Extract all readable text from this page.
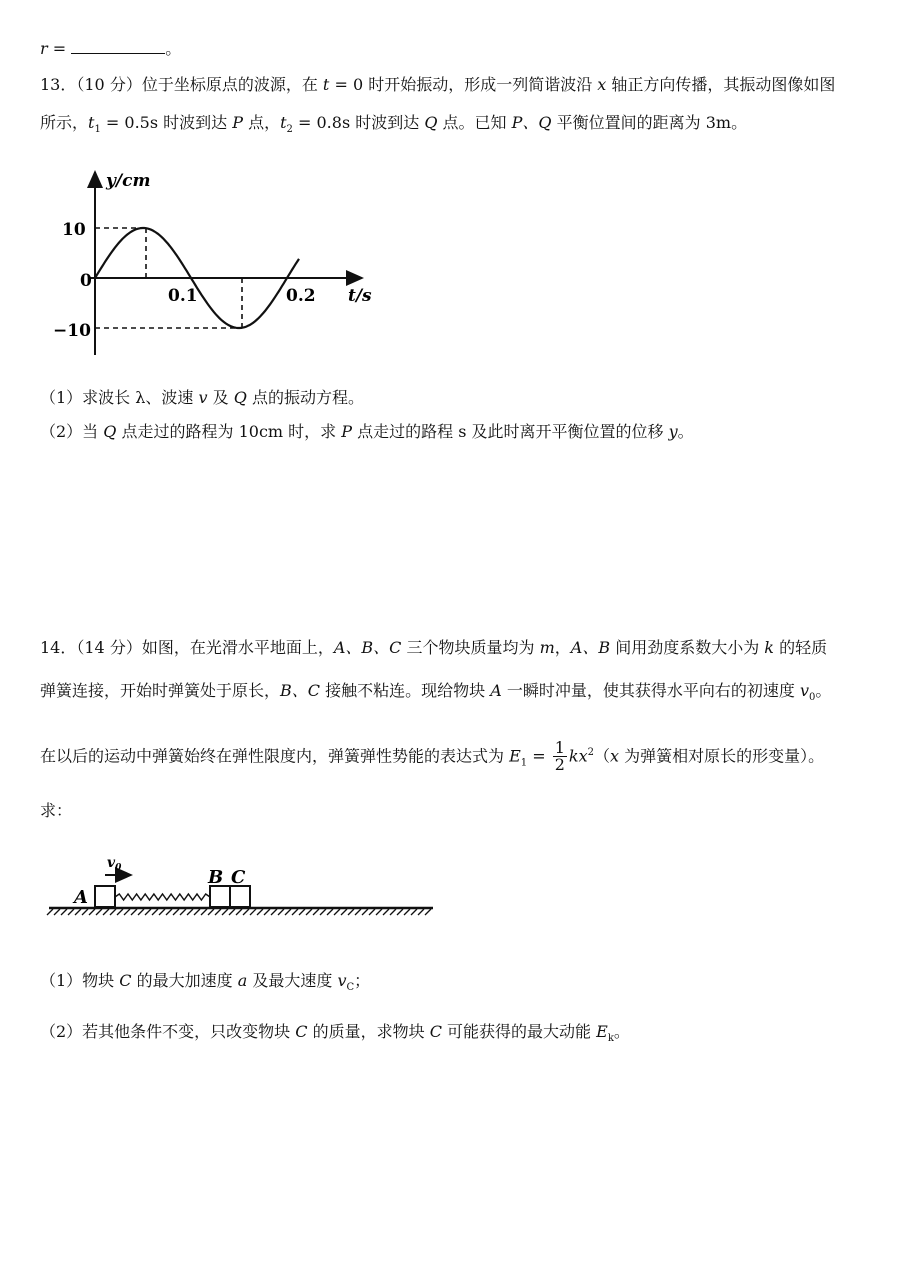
r =	。
13．（10 分）位于坐标原点的波源，在 t = 0 时开始振动，形成一列简谐波沿 x 轴正方向传播，其振动图像如图
所示，$t_1 = 0.5s$ 时波到达 P 点，$t_2 = 0.8s$ 时波到达 Q 点。已知 P、Q 平衡位置间的距离为 3m。
y/cm
10
0
−10
0.1	0.2 t/s
（1）求波长 λ、波速 v 及 Q 点的振动方程。
（2）当 Q 点走过的路程为 10cm 时，求 P 点走过的路程 s 及此时离开平衡位置的位移 y。
14．（14 分）如图，在光滑水平地面上，A、B、C 三个物块质量均为 m，A、B 间用劲度系数大小为 k 的轻质
弹簧连接，开始时弹簧处于原长，B、C 接触不粘连。现给物块 A 一瞬时冲量，使其获得水平向右的初速度 $v_0$。
在以后的运动中弹簧始终在弹性限度内，弹簧弹性势能的表达式为 $E_1 = \frac{1}{2} kx^2(x$ 为弹簧相对原长的形变量）。
求：
$v_0$
A
B C
（1）物块 C 的最大加速度 a 及最大速度 $v_C$；
（2）若其他条件不变，只改变物块 C 的质量，求物块 C 可能获得的最大动能 $E_k$。
